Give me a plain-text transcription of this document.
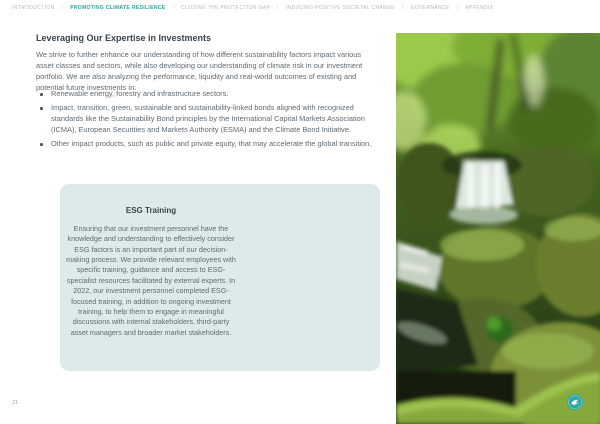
INTRODUCTION | PROMOTING CLIMATE RESILIENCE | CLOSING THE PROTECTION GAP | INDUCING POSITIVE SOCIETAL CHANGE | GOVERNANCE | APPENDIX
Leveraging Our Expertise in Investments

We strive to further enhance our understanding of how different sustainability factors impact various asset classes and sectors, while also developing our understanding of climate risk in our investment portfolio. We are also analyzing the performance, liquidity and real-world outcomes of existing and potential future investments in:

Renewable energy, forestry and infrastructure sectors.
Impact, transition, green, sustainable and sustainability-linked bonds aligned with recognized standards like the Sustainability Bond principles by the International Capital Markets Association (ICMA), European Securities and Markets Authority (ESMA) and the Climate Bond Initiative.
Other impact products, such as public and private equity, that may accelerate the global transition.
ESG Training

Ensuring that our investment personnel have the knowledge and understanding to effectively consider ESG factors is an important part of our decision-making process. We provide relevant employees with specific training, guidance and access to ESG-specialist resources facilitated by external experts. In 2022, our investment personnel completed ESG-focused training, in addition to ongoing investment training, to help them to engage in meaningful discussions with internal stakeholders, third-party asset managers and broader market stakeholders.

21
